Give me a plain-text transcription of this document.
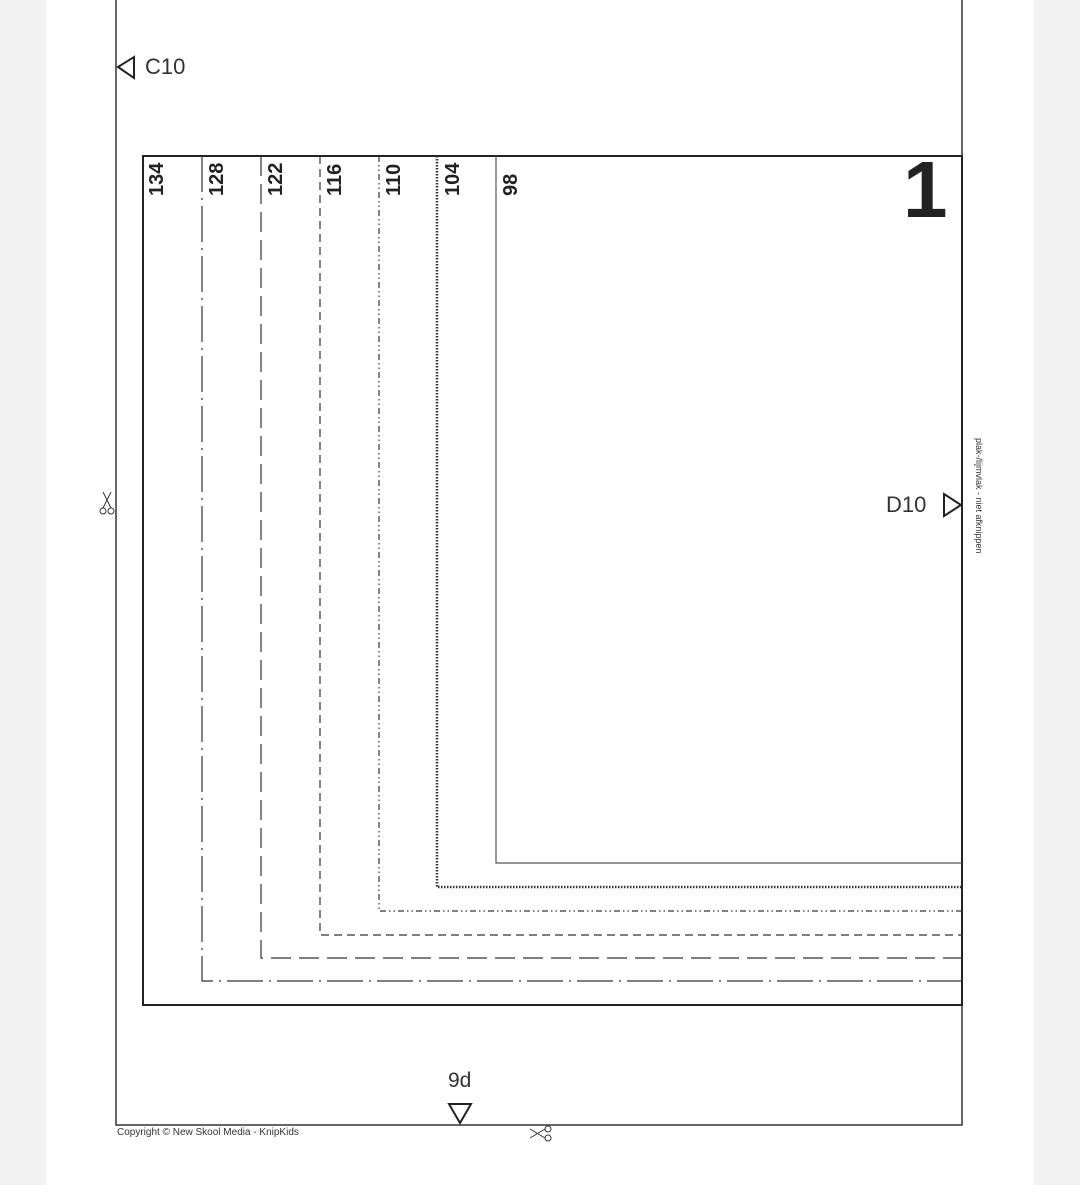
C10
D10
9d
1
134 128 122 116 110 104 98
plak-/lijmvlak - niet afknippen
Copyright © New Skool Media - KnipKids
